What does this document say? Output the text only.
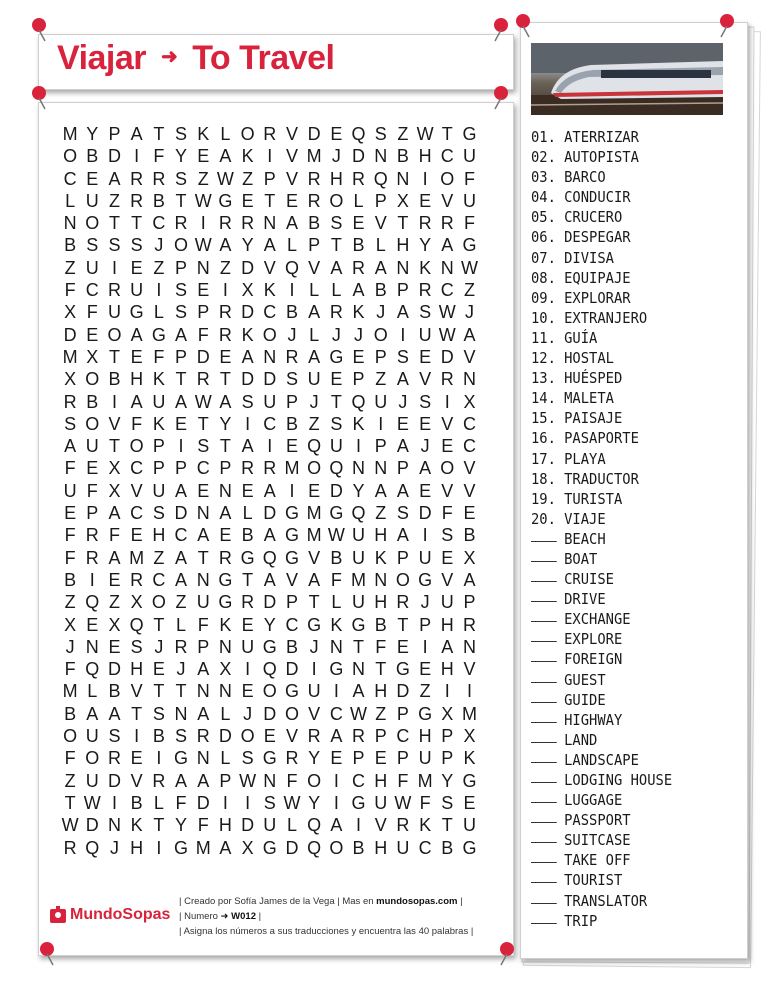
Viajar ➜ To Travel
M Y P A T S K L O R V D E Q S Z W T G
O B D I F Y E A K I V M J D N B H C U
C E A R R S Z W Z P V R H R Q N I O F
L U Z R B T W G E T E R O L P X E V U
N O T T C R I R R N A B S E V T R R F
B S S S J O W A Y A L P T B L H Y A G
Z U I E Z P N Z D V Q V A R A N K N W
F C R U I S E I X K I L L A B P R C Z
X F U G L S P R D C B A R K J A S W J
D E O A G A F R K O J L J J O I U W A
M X T E F P D E A N R A G E P S E D V
X O B H K T R T D D S U E P Z A V R N
R B I A U A W A S U P J T Q U J S I X
S O V F K E T Y I C B Z S K I E E V C
A U T O P I S T A I E Q U I P A J E C
F E X C P P C P R R M O Q N N P A O V
U F X V U A E N E A I E D Y A A E V V
E P A C S D N A L D G M G Q Z S D F E
F R F E H C A E B A G M W U H A I S B
F R A M Z A T R G Q G V B U K P U E X
B I E R C A N G T A V A F M N O G V A
Z Q Z X O Z U G R D P T L U H R J U P
X E X Q T L F K E Y C G K G B T P H R
J N E S J R P N U G B J N T F E I A N
F Q D H E J A X I Q D I G N T G E H V
M L B V T T N N E O G U I A H D Z I I
B A A T S N A L J D O V C W Z P G X M
O U S I B S R D O E V R A R P C H P X
F O R E I G N L S G R Y E P E P U P K
Z U D V R A A P W N F O I C H F M Y G
T W I B L F D I I S W Y I G U W F S E
W D N K T Y F H D U L Q A I V R K T U
R Q J H I G M A X G D Q O B H U C B G
MundoSopas
| Creado por Sofía James de la Vega | Mas en mundosopas.com |
| Numero ➜ W012 |
| Asigna los números a sus traducciones y encuentra las 40 palabras |
01. ATERRIZAR
02. AUTOPISTA
03. BARCO
04. CONDUCIR
05. CRUCERO
06. DESPEGAR
07. DIVISA
08. EQUIPAJE
09. EXPLORAR
10. EXTRANJERO
11. GUÍA
12. HOSTAL
13. HUÉSPED
14. MALETA
15. PAISAJE
16. PASAPORTE
17. PLAYA
18. TRADUCTOR
19. TURISTA
20. VIAJE
BEACH
BOAT
CRUISE
DRIVE
EXCHANGE
EXPLORE
FOREIGN
GUEST
GUIDE
HIGHWAY
LAND
LANDSCAPE
LODGING HOUSE
LUGGAGE
PASSPORT
SUITCASE
TAKE OFF
TOURIST
TRANSLATOR
TRIP
